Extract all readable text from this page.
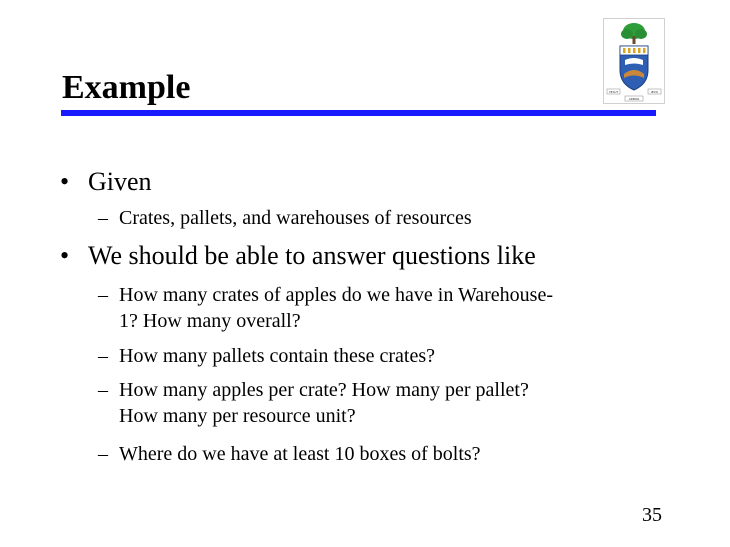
Example	VELUT	ÆVO
ARBOR
• Given
– Crates, pallets, and warehouses of resources
• We should be able to answer questions like
– How many crates of apples do we have in Warehouse-
1? How many overall?
– How many pallets contain these crates?
– How many apples per crate? How many per pallet?
How many per resource unit?
– Where do we have at least 10 boxes of bolts?
35
